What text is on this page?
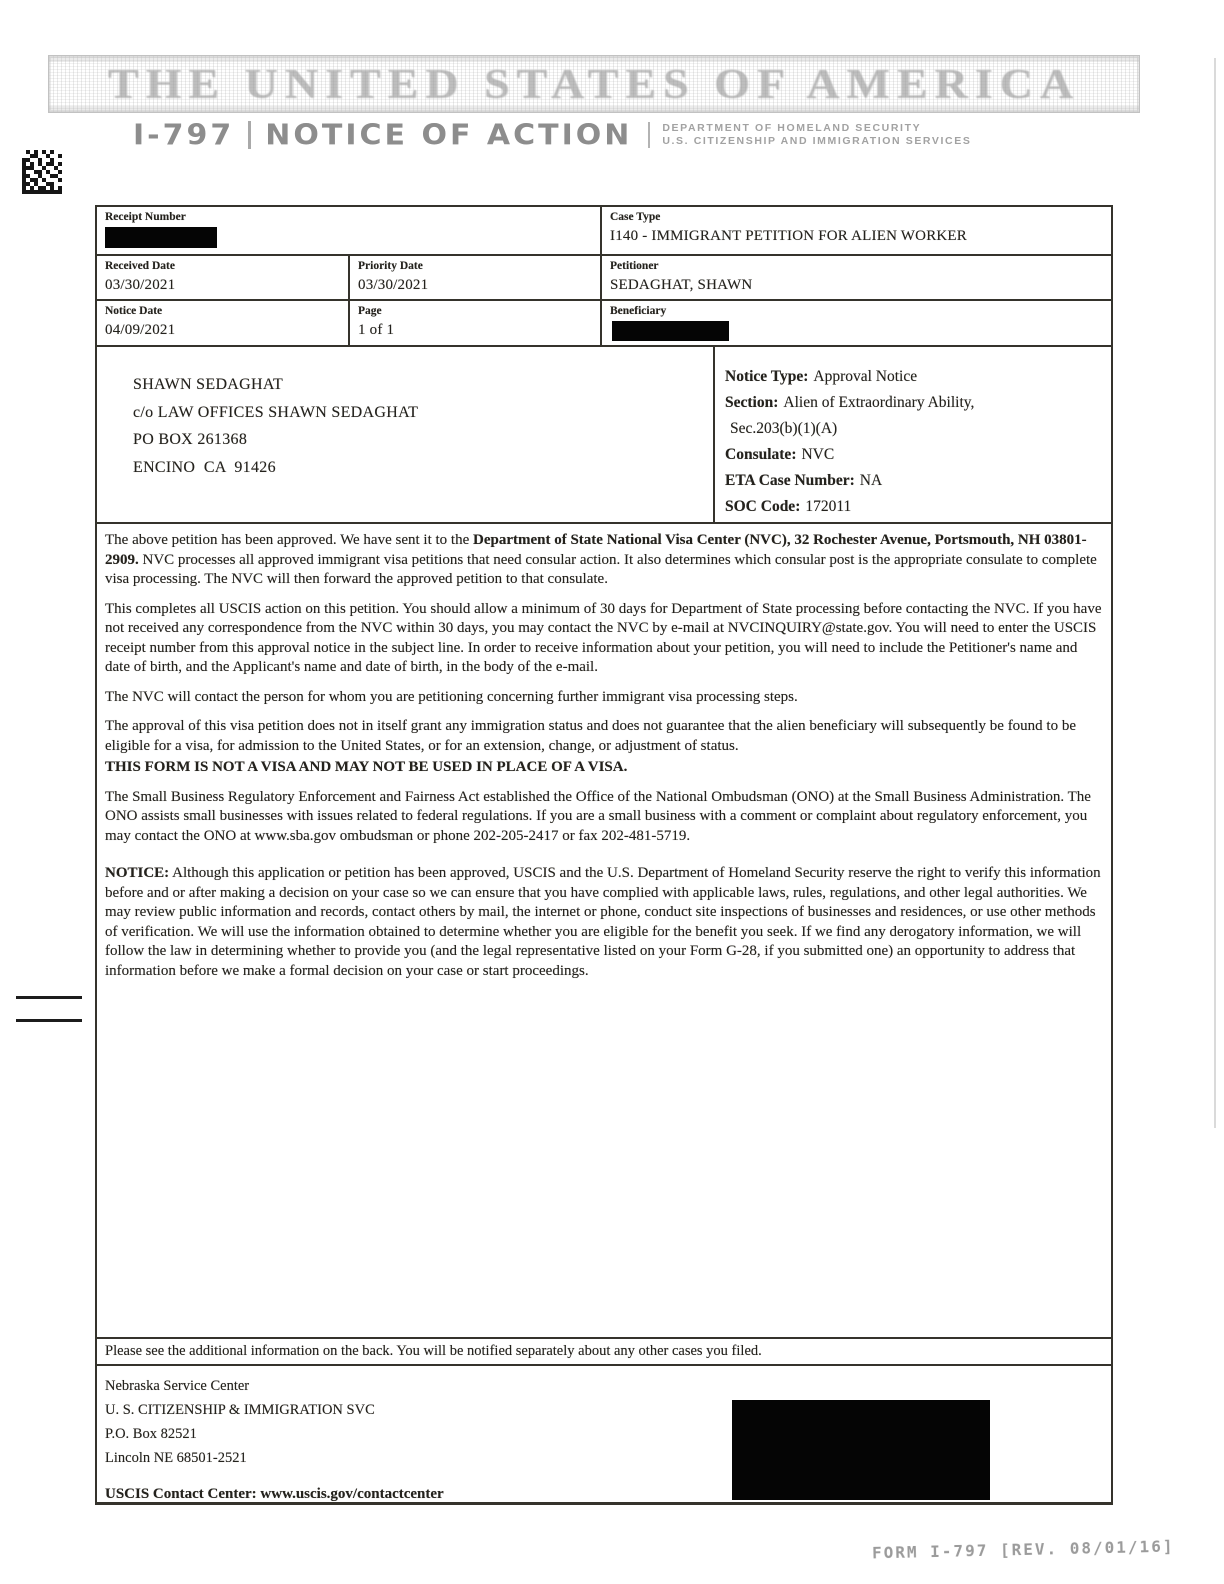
THE UNITED STATES OF AMERICA
I-797 NOTICE OF ACTION	DEPARTMENT OF HOMELAND SECURITY
U.S. CITIZENSHIP AND IMMIGRATION SERVICES
Receipt Number	Case Type
I140 - IMMIGRANT PETITION FOR ALIEN WORKER
Received Date
03/30/2021
Priority Date
03/30/2021
Petitioner
SEDAGHAT, SHAWN
Notice Date
04/09/2021
Page
1 of 1
Beneficiary
SHAWN SEDAGHAT
c/o LAW OFFICES SHAWN SEDAGHAT
PO BOX 261368
ENCINO  CA  91426
Notice Type: Approval Notice
Section: Alien of Extraordinary Ability,
Sec.203(b)(1)(A)
Consulate: NVC
ETA Case Number: NA
SOC Code: 172011

The above petition has been approved. We have sent it to the Department of State National Visa Center (NVC), 32 Rochester Avenue, Portsmouth, NH 03801-2909. NVC processes all approved immigrant visa petitions that need consular action. It also determines which consular post is the appropriate consulate to complete visa processing. The NVC will then forward the approved petition to that consulate.

This completes all USCIS action on this petition. You should allow a minimum of 30 days for Department of State processing before contacting the NVC. If you have not received any correspondence from the NVC within 30 days, you may contact the NVC by e-mail at NVCINQUIRY@state.gov. You will need to enter the USCIS receipt number from this approval notice in the subject line. In order to receive information about your petition, you will need to include the Petitioner's name and date of birth, and the Applicant's name and date of birth, in the body of the e-mail.

The NVC will contact the person for whom you are petitioning concerning further immigrant visa processing steps.

The approval of this visa petition does not in itself grant any immigration status and does not guarantee that the alien beneficiary will subsequently be found to be eligible for a visa, for admission to the United States, or for an extension, change, or adjustment of status.

THIS FORM IS NOT A VISA AND MAY NOT BE USED IN PLACE OF A VISA.

The Small Business Regulatory Enforcement and Fairness Act established the Office of the National Ombudsman (ONO) at the Small Business Administration. The ONO assists small businesses with issues related to federal regulations. If you are a small business with a comment or complaint about regulatory enforcement, you may contact the ONO at www.sba.gov ombudsman or phone 202-205-2417 or fax 202-481-5719.

NOTICE: Although this application or petition has been approved, USCIS and the U.S. Department of Homeland Security reserve the right to verify this information before and or after making a decision on your case so we can ensure that you have complied with applicable laws, rules, regulations, and other legal authorities. We may review public information and records, contact others by mail, the internet or phone, conduct site inspections of businesses and residences, or use other methods of verification. We will use the information obtained to determine whether you are eligible for the benefit you seek. If we find any derogatory information, we will follow the law in determining whether to provide you (and the legal representative listed on your Form G-28, if you submitted one) an opportunity to address that information before we make a formal decision on your case or start proceedings.

Please see the additional information on the back. You will be notified separately about any other cases you filed.
Nebraska Service Center
U. S. CITIZENSHIP & IMMIGRATION SVC
P.O. Box 82521
Lincoln NE 68501-2521
USCIS Contact Center: www.uscis.gov/contactcenter
FORM I-797 [REV. 08/01/16]
